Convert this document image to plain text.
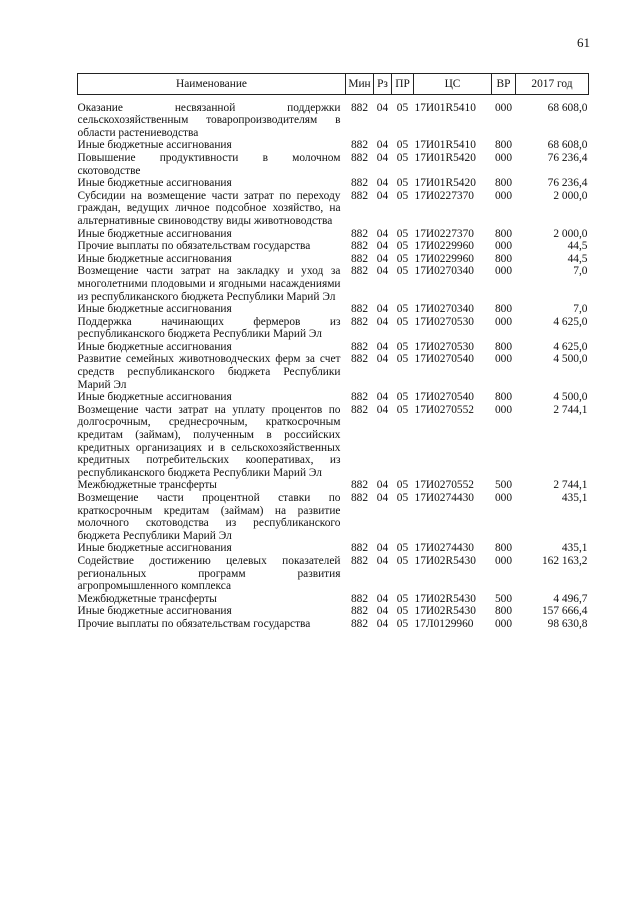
61
Наименование	Мин	Рз	ПР	ЦС	ВР	2017 год
Оказание несвязанной поддержки сельскохозяйственным товаропроизводителям в области растениеводства	882	04	05	17И01R5410	000	68 608,0
Иные бюджетные ассигнования	882	04	05	17И01R5410	800	68 608,0
Повышение продуктивности в молочном скотоводстве	882	04	05	17И01R5420	000	76 236,4
Иные бюджетные ассигнования	882	04	05	17И01R5420	800	76 236,4
Субсидии на возмещение части затрат по переходу граждан, ведущих личное подсобное хозяйство, на альтернативные свиноводству виды животноводства	882	04	05	17И0227370	000	2 000,0
Иные бюджетные ассигнования	882	04	05	17И0227370	800	2 000,0
Прочие выплаты по обязательствам государства	882	04	05	17И0229960	000	44,5
Иные бюджетные ассигнования	882	04	05	17И0229960	800	44,5
Возмещение части затрат на закладку и уход за многолетними плодовыми и ягодными насаждениями из республиканского бюджета Республики Марий Эл	882	04	05	17И0270340	000	7,0
Иные бюджетные ассигнования	882	04	05	17И0270340	800	7,0
Поддержка начинающих фермеров из республиканского бюджета Республики Марий Эл	882	04	05	17И0270530	000	4 625,0
Иные бюджетные ассигнования	882	04	05	17И0270530	800	4 625,0
Развитие семейных животноводческих ферм за счет средств республиканского бюджета Республики Марий Эл	882	04	05	17И0270540	000	4 500,0
Иные бюджетные ассигнования	882	04	05	17И0270540	800	4 500,0
Возмещение части затрат на уплату процентов по долгосрочным, среднесрочным, краткосрочным кредитам (займам), полученным в российских кредитных организациях и в сельскохозяйственных кредитных потребительских кооперативах, из республиканского бюджета Республики Марий Эл	882	04	05	17И0270552	000	2 744,1
Межбюджетные трансферты	882	04	05	17И0270552	500	2 744,1
Возмещение части процентной ставки по краткосрочным кредитам (займам) на развитие молочного скотоводства из республиканского бюджета Республики Марий Эл	882	04	05	17И0274430	000	435,1
Иные бюджетные ассигнования	882	04	05	17И0274430	800	435,1
Содействие достижению целевых показателей региональных программ развития агропромышленного комплекса	882	04	05	17И02R5430	000	162 163,2
Межбюджетные трансферты	882	04	05	17И02R5430	500	4 496,7
Иные бюджетные ассигнования	882	04	05	17И02R5430	800	157 666,4
Прочие выплаты по обязательствам государства	882	04	05	17Л0129960	000	98 630,8
